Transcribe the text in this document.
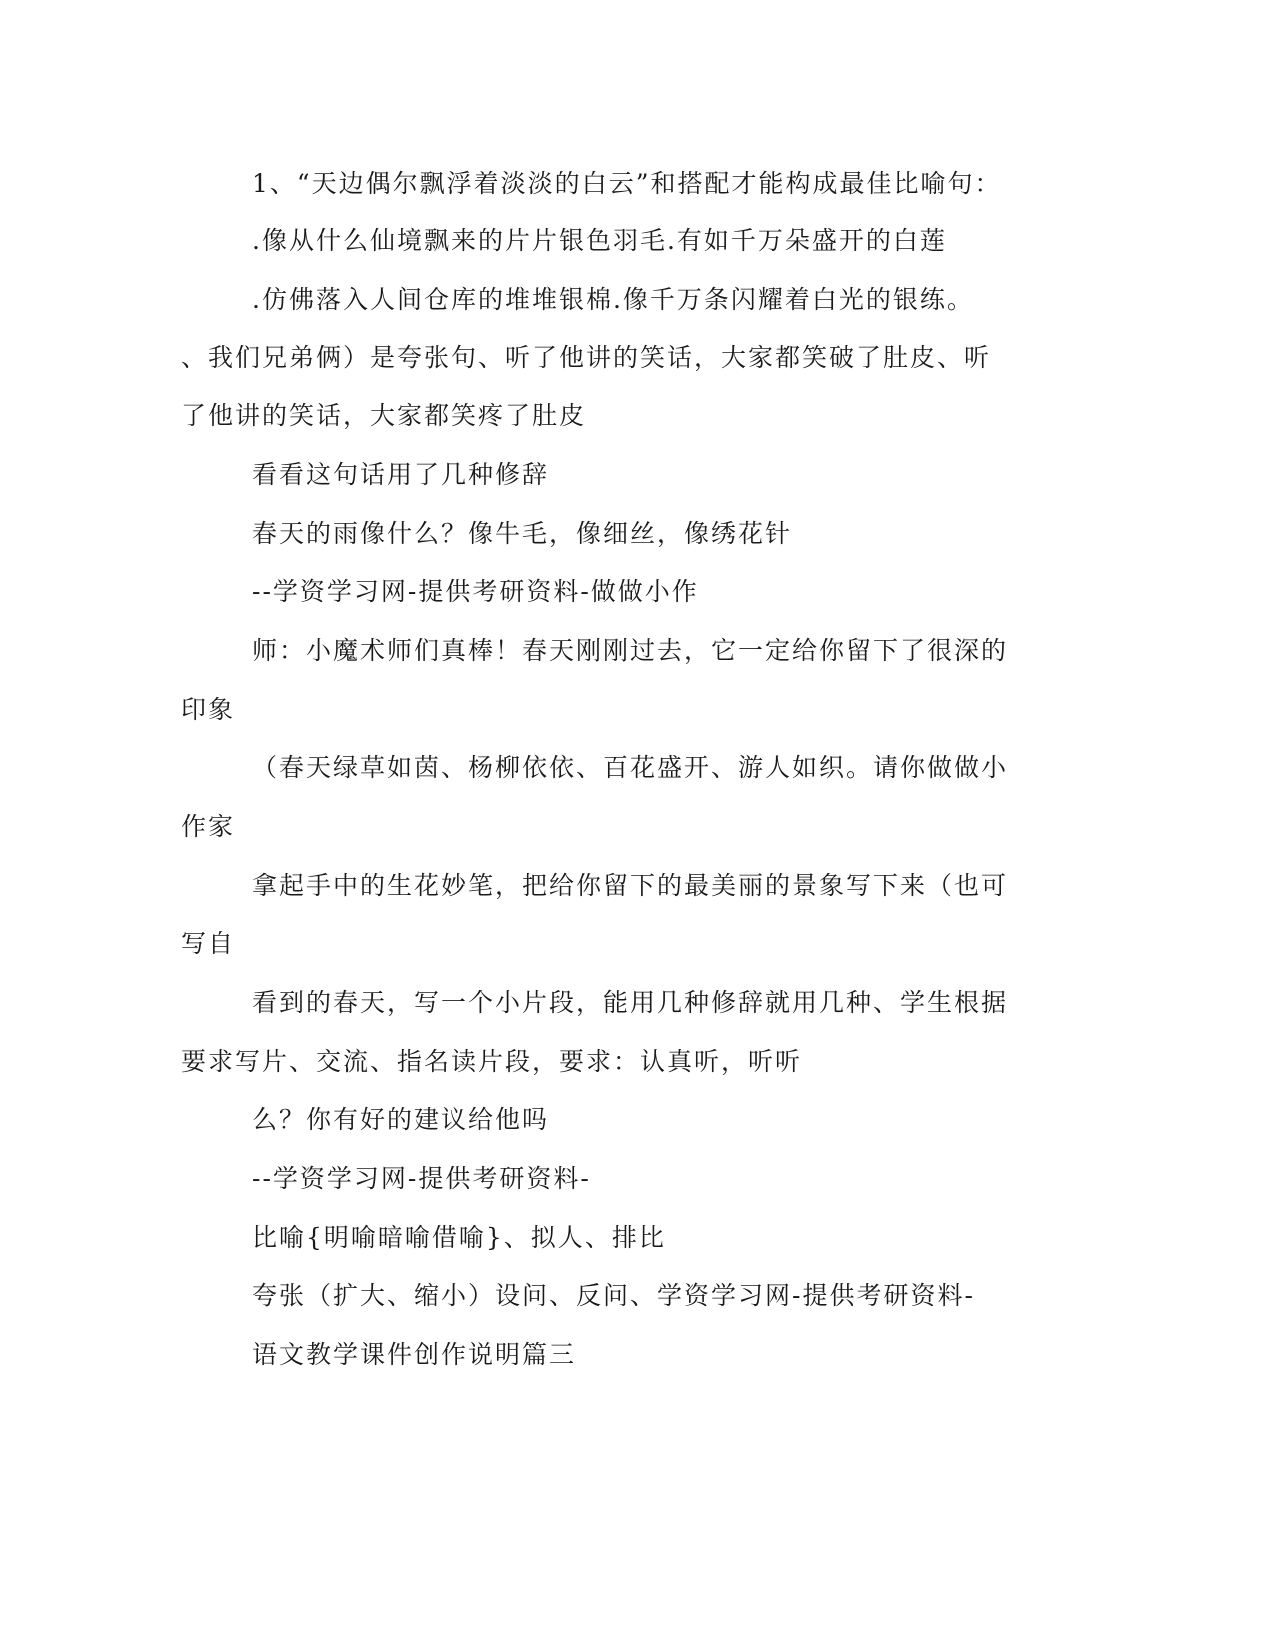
1、“天边偶尔飘浮着淡淡的白云”和搭配才能构成最佳比喻句：
.像从什么仙境飘来的片片银色羽毛.有如千万朵盛开的白莲
.仿佛落入人间仓库的堆堆银棉.像千万条闪耀着白光的银练。
、我们兄弟俩）是夸张句、听了他讲的笑话，大家都笑破了肚皮、听
了他讲的笑话，大家都笑疼了肚皮
看看这句话用了几种修辞
春天的雨像什么？像牛毛，像细丝，像绣花针
--学资学习网-提供考研资料-做做小作
师：小魔术师们真棒！春天刚刚过去，它一定给你留下了很深的
印象
（春天绿草如茵、杨柳依依、百花盛开、游人如织。请你做做小
作家
拿起手中的生花妙笔，把给你留下的最美丽的景象写下来（也可
写自
看到的春天，写一个小片段，能用几种修辞就用几种、学生根据
要求写片、交流、指名读片段，要求：认真听，听听
么？你有好的建议给他吗
--学资学习网-提供考研资料-
比喻{明喻暗喻借喻}、拟人、排比
夸张（扩大、缩小）设问、反问、学资学习网-提供考研资料-
语文教学课件创作说明篇三
